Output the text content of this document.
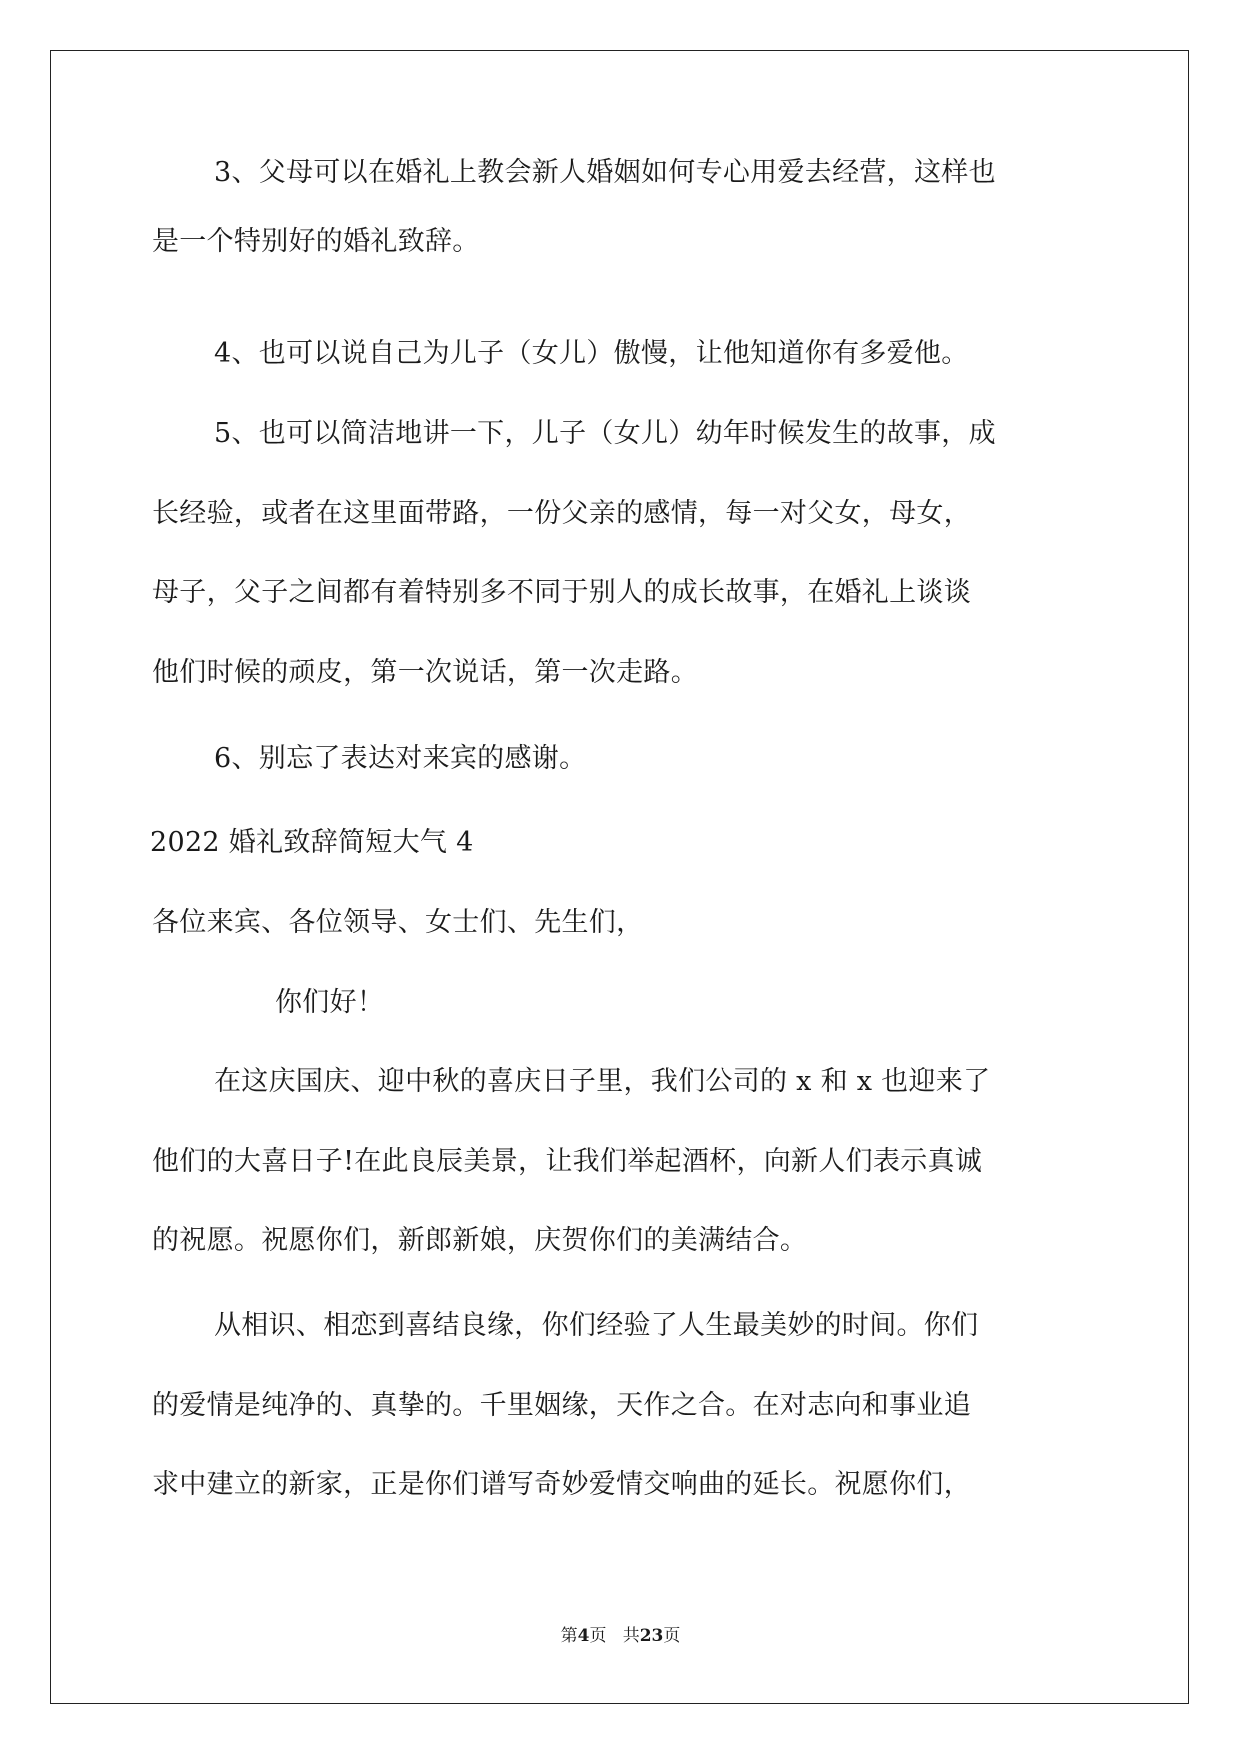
3、父母可以在婚礼上教会新人婚姻如何专心用爱去经营，这样也
是一个特别好的婚礼致辞。
4、也可以说自己为儿子（女儿）傲慢，让他知道你有多爱他。
5、也可以简洁地讲一下，儿子（女儿）幼年时候发生的故事，成
长经验，或者在这里面带路，一份父亲的感情，每一对父女，母女，
母子，父子之间都有着特别多不同于别人的成长故事，在婚礼上谈谈
他们时候的顽皮，第一次说话，第一次走路。
6、别忘了表达对来宾的感谢。
2022 婚礼致辞简短大气 4
各位来宾、各位领导、女士们、先生们，
你们好！
在这庆国庆、迎中秋的喜庆日子里，我们公司的 x 和 x 也迎来了
他们的大喜日子!在此良辰美景，让我们举起酒杯，向新人们表示真诚
的祝愿。祝愿你们，新郎新娘，庆贺你们的美满结合。
从相识、相恋到喜结良缘，你们经验了人生最美妙的时间。你们
的爱情是纯净的、真挚的。千里姻缘，天作之合。在对志向和事业追
求中建立的新家，正是你们谱写奇妙爱情交响曲的延长。祝愿你们，
第4页 共23页
